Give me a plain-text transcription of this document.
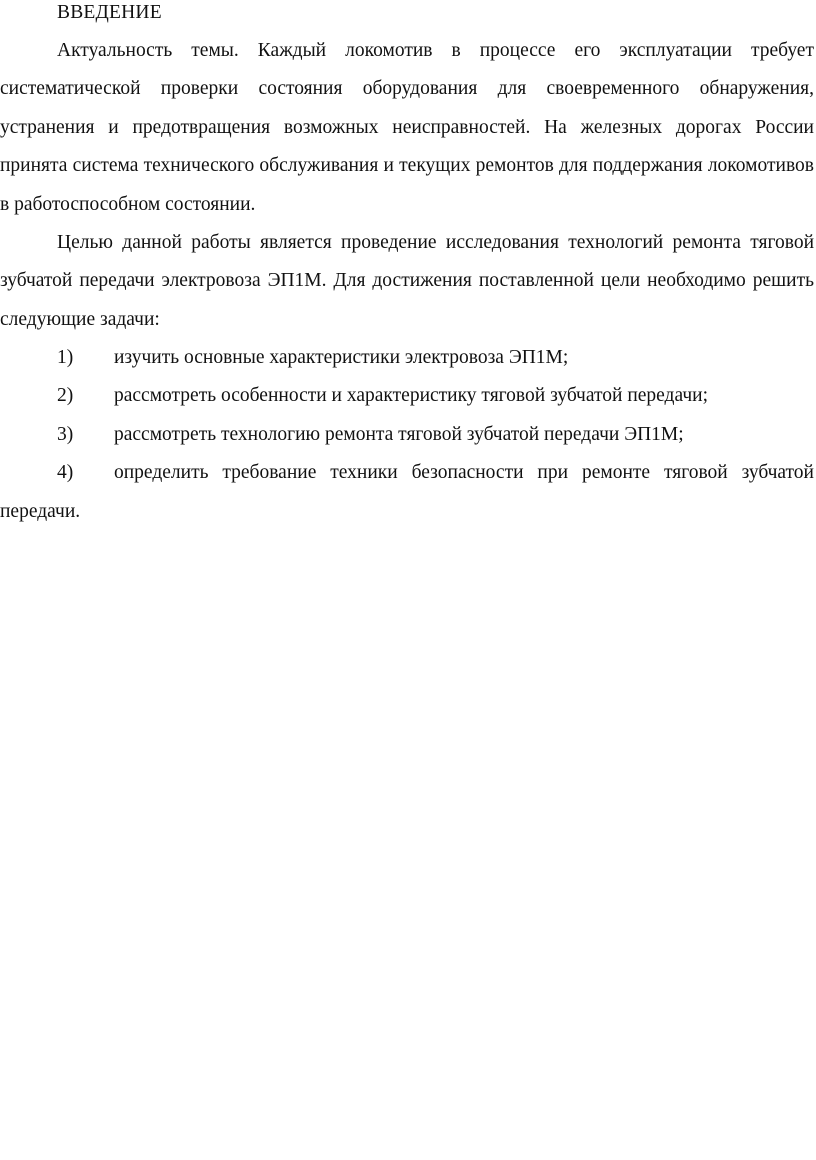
ВВЕДЕНИЕ

Актуальность темы. Каждый локомотив в процессе его эксплуатации требует систематической проверки состояния оборудования для своевременного обнаружения, устранения и предотвращения возможных неисправностей. На железных дорогах России принята система технического обслуживания и текущих ремонтов для поддержания локомотивов в работоспособном состоянии.

Целью данной работы является проведение исследования технологий ремонта тяговой зубчатой передачи электровоза ЭП1М. Для достижения поставленной цели необходимо решить следующие задачи:

1) изучить основные характеристики электровоза ЭП1М;
2) рассмотреть особенности и характеристику тяговой зубчатой передачи;
3) рассмотреть технологию ремонта тяговой зубчатой передачи ЭП1М;
4) определить требование техники безопасности при ремонте тяговой зубчатой передачи.
